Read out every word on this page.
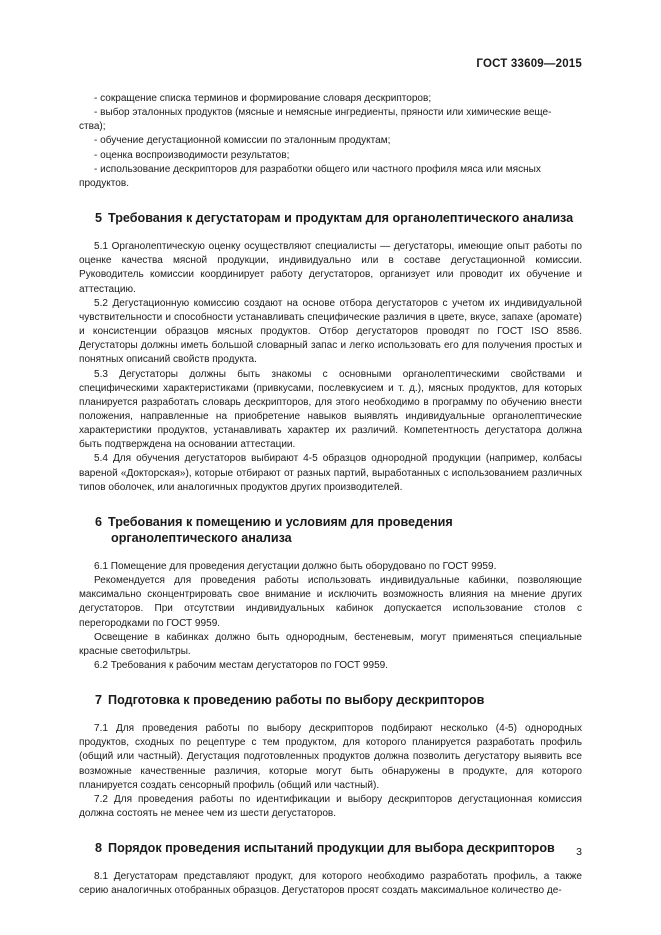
ГОСТ 33609—2015

- сокращение списка терминов и формирование словаря дескрипторов;

- выбор эталонных продуктов (мясные и немясные ингредиенты, пряности или химические веще-

ства);

- обучение дегустационной комиссии по эталонным продуктам;

- оценка воспроизводимости результатов;

- использование дескрипторов для разработки общего или частного профиля мяса или мясных

продуктов.

5 Требования к дегустаторам и продуктам для органолептического анализа

5.1 Органолептическую оценку осуществляют специалисты — дегустаторы, имеющие опыт работы по оценке качества мясной продукции, индивидуально или в составе дегустационной комиссии. Руководитель комиссии координирует работу дегустаторов, организует или проводит их обучение и аттестацию.

5.2 Дегустационную комиссию создают на основе отбора дегустаторов с учетом их индивидуальной чувствительности и способности устанавливать специфические различия в цвете, вкусе, запахе (аромате) и консистенции образцов мясных продуктов. Отбор дегустаторов проводят по ГОСТ ISO 8586. Дегустаторы должны иметь большой словарный запас и легко использовать его для получения простых и понятных описаний свойств продукта.

5.3 Дегустаторы должны быть знакомы с основными органолептическими свойствами и специфическими характеристиками (привкусами, послевкусием и т. д.), мясных продуктов, для которых планируется разработать словарь дескрипторов, для этого необходимо в программу по обучению внести положения, направленные на приобретение навыков выявлять индивидуальные органолептические характеристики продуктов, устанавливать характер их различий. Компетентность дегустатора должна быть подтверждена на основании аттестации.

5.4 Для обучения дегустаторов выбирают 4-5 образцов однородной продукции (например, колбасы вареной «Докторская»), которые отбирают от разных партий, выработанных с использованием различных типов оболочек, или аналогичных продуктов других производителей.

6 Требования к помещению и условиям для проведения
органолептического анализа

6.1 Помещение для проведения дегустации должно быть оборудовано по ГОСТ 9959.

Рекомендуется для проведения работы использовать индивидуальные кабинки, позволяющие максимально сконцентрировать свое внимание и исключить возможность влияния на мнение других дегустаторов. При отсутствии индивидуальных кабинок допускается использование столов с перегородками по ГОСТ 9959.

Освещение в кабинках должно быть однородным, бестеневым, могут применяться специальные красные светофильтры.

6.2 Требования к рабочим местам дегустаторов по ГОСТ 9959.

7 Подготовка к проведению работы по выбору дескрипторов

7.1 Для проведения работы по выбору дескрипторов подбирают несколько (4-5) однородных продуктов, сходных по рецептуре с тем продуктом, для которого планируется разработать профиль (общий или частный). Дегустация подготовленных продуктов должна позволить дегустатору выявить все возможные качественные различия, которые могут быть обнаружены в продукте, для которого планируется создать сенсорный профиль (общий или частный).

7.2 Для проведения работы по идентификации и выбору дескрипторов дегустационная комиссия должна состоять не менее чем из шести дегустаторов.

8 Порядок проведения испытаний продукции для выбора дескрипторов

8.1 Дегустаторам представляют продукт, для которого необходимо разработать профиль, а также серию аналогичных отобранных образцов. Дегустаторов просят создать максимальное количество де-

3
